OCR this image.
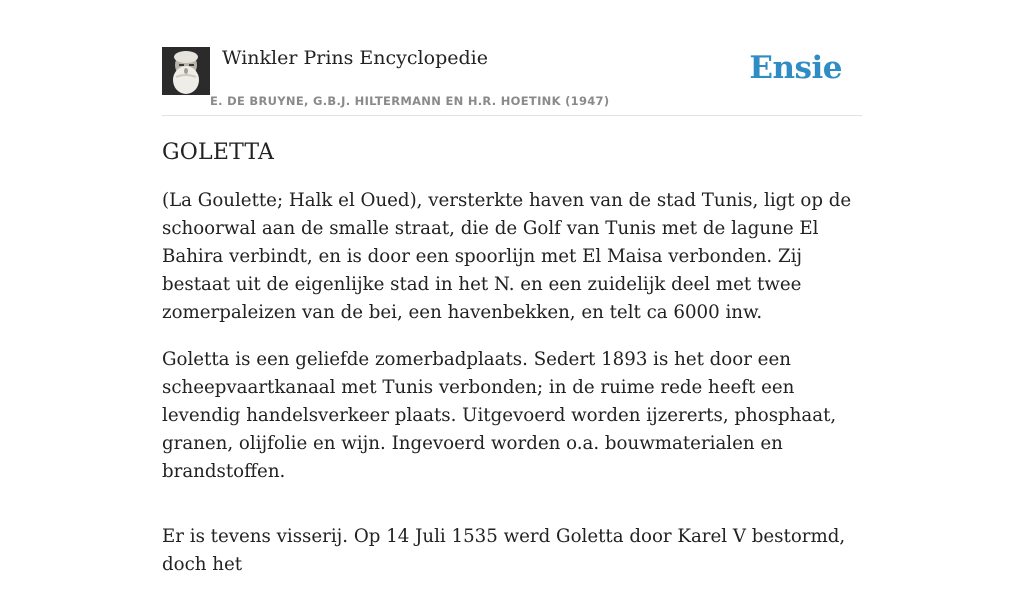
Winkler Prins Encyclopedie
E. DE BRUYNE, G.B.J. HILTERMANN EN H.R. HOETINK (1947)
Ensie
GOLETTA

(La Goulette; Halk el Oued), versterkte haven van de stad Tunis, ligt op de schoorwal aan de smalle straat, die de Golf van Tunis met de lagune El Bahira verbindt, en is door een spoorlijn met El Maisa verbonden. Zij bestaat uit de eigenlijke stad in het N. en een zuidelijk deel met twee zomerpaleizen van de bei, een havenbekken, en telt ca 6000 inw.

Goletta is een geliefde zomerbadplaats. Sedert 1893 is het door een scheepvaartkanaal met Tunis verbonden; in de ruime rede heeft een levendig handelsverkeer plaats. Uitgevoerd worden ijzererts, phosphaat, granen, olijfolie en wijn. Ingevoerd worden o.a. bouwmaterialen en brandstoffen.

Er is tevens visserij. Op 14 Juli 1535 werd Goletta door Karel V bestormd, doch het
